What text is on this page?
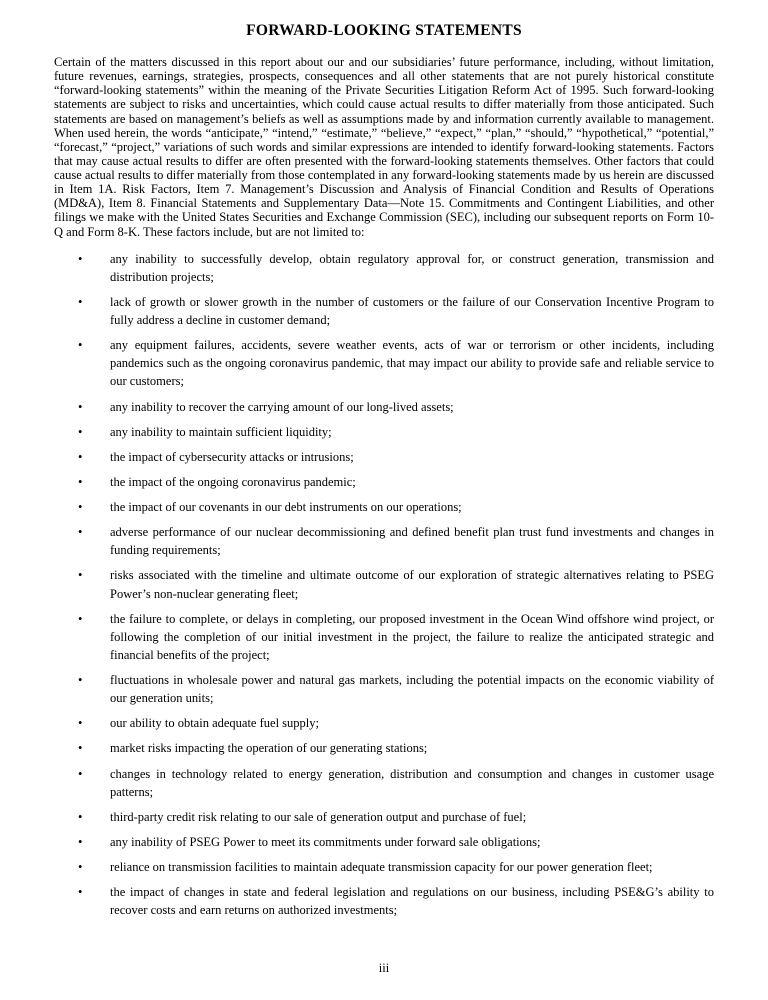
FORWARD-LOOKING STATEMENTS

Certain of the matters discussed in this report about our and our subsidiaries’ future performance, including, without limitation, future revenues, earnings, strategies, prospects, consequences and all other statements that are not purely historical constitute “forward-looking statements” within the meaning of the Private Securities Litigation Reform Act of 1995. Such forward-looking statements are subject to risks and uncertainties, which could cause actual results to differ materially from those anticipated. Such statements are based on management’s beliefs as well as assumptions made by and information currently available to management. When used herein, the words “anticipate,” “intend,” “estimate,” “believe,” “expect,” “plan,” “should,” “hypothetical,” “potential,” “forecast,” “project,” variations of such words and similar expressions are intended to identify forward-looking statements. Factors that may cause actual results to differ are often presented with the forward-looking statements themselves. Other factors that could cause actual results to differ materially from those contemplated in any forward-looking statements made by us herein are discussed in Item 1A. Risk Factors, Item 7. Management’s Discussion and Analysis of Financial Condition and Results of Operations (MD&A), Item 8. Financial Statements and Supplementary Data—Note 15. Commitments and Contingent Liabilities, and other filings we make with the United States Securities and Exchange Commission (SEC), including our subsequent reports on Form 10-Q and Form 8-K. These factors include, but are not limited to:

• any inability to successfully develop, obtain regulatory approval for, or construct generation, transmission and distribution projects;
• lack of growth or slower growth in the number of customers or the failure of our Conservation Incentive Program to fully address a decline in customer demand;
• any equipment failures, accidents, severe weather events, acts of war or terrorism or other incidents, including pandemics such as the ongoing coronavirus pandemic, that may impact our ability to provide safe and reliable service to our customers;
• any inability to recover the carrying amount of our long-lived assets;
• any inability to maintain sufficient liquidity;
• the impact of cybersecurity attacks or intrusions;
• the impact of the ongoing coronavirus pandemic;
• the impact of our covenants in our debt instruments on our operations;
• adverse performance of our nuclear decommissioning and defined benefit plan trust fund investments and changes in funding requirements;
• risks associated with the timeline and ultimate outcome of our exploration of strategic alternatives relating to PSEG Power’s non-nuclear generating fleet;
• the failure to complete, or delays in completing, our proposed investment in the Ocean Wind offshore wind project, or following the completion of our initial investment in the project, the failure to realize the anticipated strategic and financial benefits of the project;
• fluctuations in wholesale power and natural gas markets, including the potential impacts on the economic viability of our generation units;
• our ability to obtain adequate fuel supply;
• market risks impacting the operation of our generating stations;
• changes in technology related to energy generation, distribution and consumption and changes in customer usage patterns;
• third-party credit risk relating to our sale of generation output and purchase of fuel;
• any inability of PSEG Power to meet its commitments under forward sale obligations;
• reliance on transmission facilities to maintain adequate transmission capacity for our power generation fleet;
• the impact of changes in state and federal legislation and regulations on our business, including PSE&G’s ability to recover costs and earn returns on authorized investments;
iii
